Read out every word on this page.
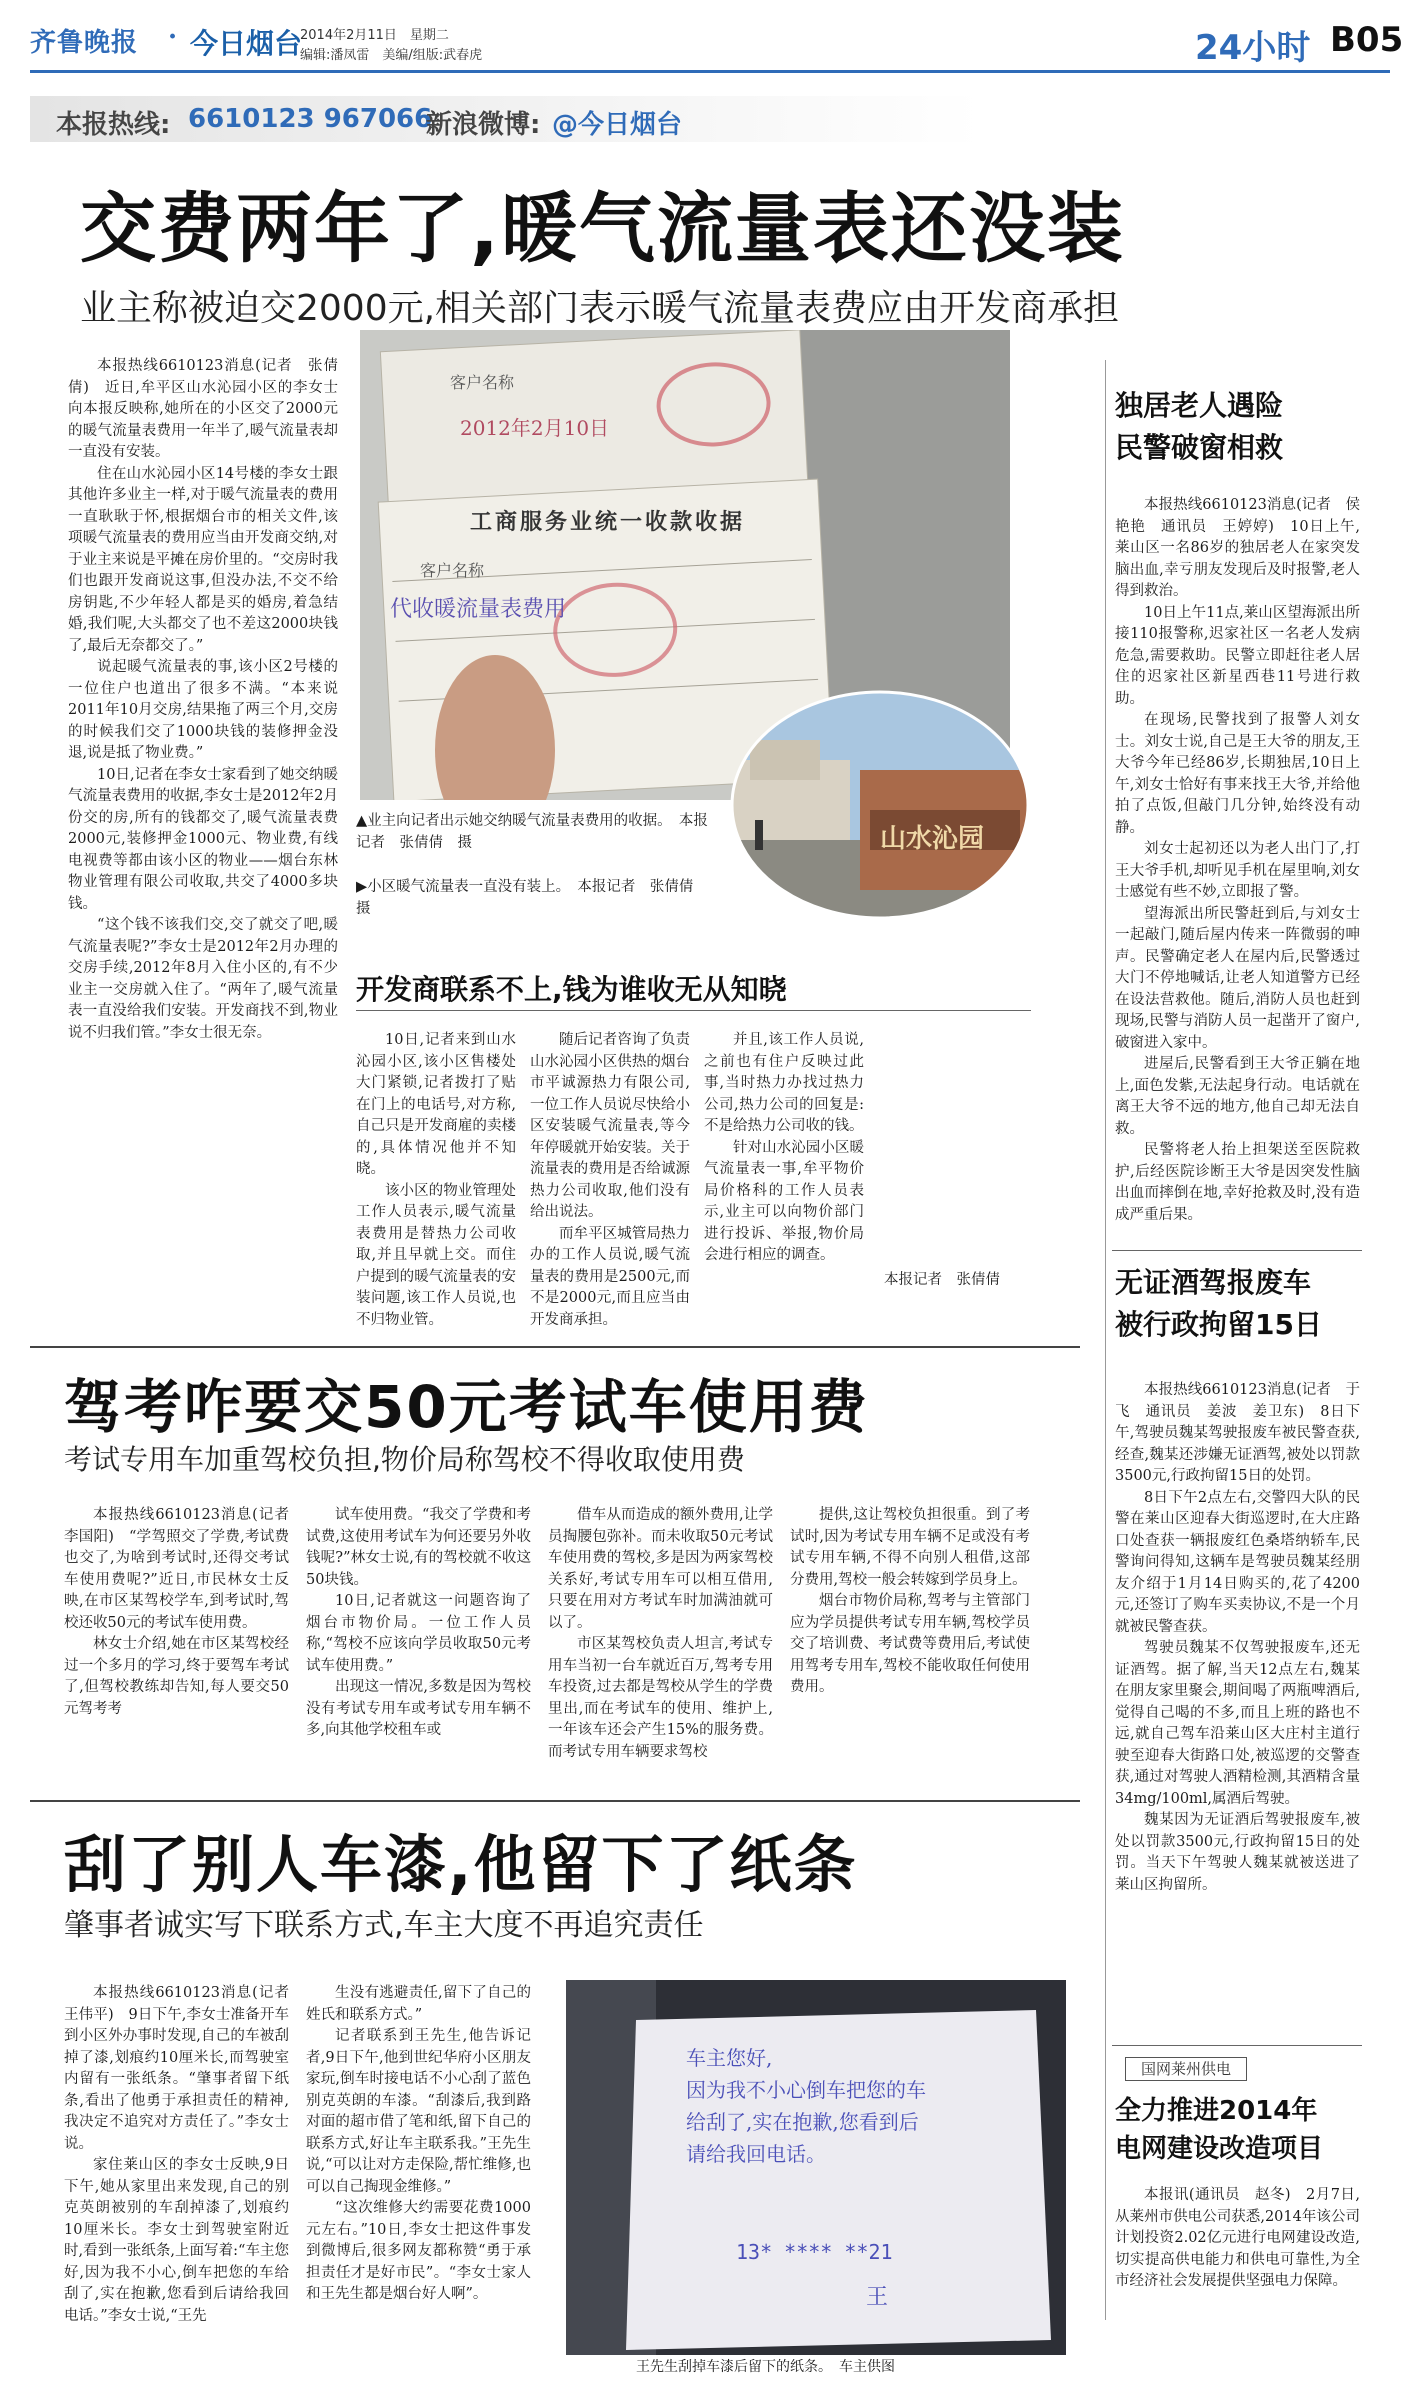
齐鲁晚报 · 今日烟台
2014年2月11日　星期二
编辑:潘凤雷　美编/组版:武春虎	24小时 B05
本报热线: 6610123 967066
新浪微博: @今日烟台
交费两年了,暖气流量表还没装
业主称被迫交2000元,相关部门表示暖气流量表费应由开发商承担

本报热线6610123消息(记者　张倩倩)　近日,牟平区山水沁园小区的李女士向本报反映称,她所在的小区交了2000元的暖气流量表费用一年半了,暖气流量表却一直没有安装。

住在山水沁园小区14号楼的李女士跟其他许多业主一样,对于暖气流量表的费用一直耿耿于怀,根据烟台市的相关文件,该项暖气流量表的费用应当由开发商交纳,对于业主来说是平摊在房价里的。“交房时我们也跟开发商说这事,但没办法,不交不给房钥匙,不少年轻人都是买的婚房,着急结婚,我们呢,大头都交了也不差这2000块钱了,最后无奈都交了。”

说起暖气流量表的事,该小区2号楼的一位住户也道出了很多不满。“本来说2011年10月交房,结果拖了两三个月,交房的时候我们交了1000块钱的装修押金没退,说是抵了物业费。”

10日,记者在李女士家看到了她交纳暖气流量表费用的收据,李女士是2012年2月份交的房,所有的钱都交了,暖气流量表费2000元,装修押金1000元、物业费,有线电视费等都由该小区的物业——烟台东林物业管理有限公司收取,共交了4000多块钱。

“这个钱不该我们交,交了就交了吧,暖气流量表呢?”李女士是2012年2月办理的交房手续,2012年8月入住小区的,有不少业主一交房就入住了。“两年了,暖气流量表一直没给我们安装。开发商找不到,物业说不归我们管。”李女士很无奈。

客户名称
2012年2月10日
工商服务业统一收款收据
客户名称
代收暖流量表费用
山水沁园
▲业主向记者出示她交纳暖气流量表费用的收据。　本报记者　张倩倩　摄
▶小区暖气流量表一直没有装上。　本报记者　张倩倩　摄
开发商联系不上,钱为谁收无从知晓

10日,记者来到山水沁园小区,该小区售楼处大门紧锁,记者拨打了贴在门上的电话号,对方称,自己只是开发商雇的卖楼的,具体情况他并不知晓。

该小区的物业管理处工作人员表示,暖气流量表费用是替热力公司收取,并且早就上交。而住户提到的暖气流量表的安装问题,该工作人员说,也不归物业管。

随后记者咨询了负责山水沁园小区供热的烟台市平诚源热力有限公司,一位工作人员说尽快给小区安装暖气流量表,等今年停暖就开始安装。关于流量表的费用是否给诚源热力公司收取,他们没有给出说法。

而牟平区城管局热力办的工作人员说,暖气流量表的费用是2500元,而不是2000元,而且应当由开发商承担。

并且,该工作人员说,之前也有住户反映过此事,当时热力办找过热力公司,热力公司的回复是:不是给热力公司收的钱。

针对山水沁园小区暖气流量表一事,牟平物价局价格科的工作人员表示,业主可以向物价部门进行投诉、举报,物价局会进行相应的调查。

本报记者　张倩倩
驾考咋要交50元考试车使用费
考试专用车加重驾校负担,物价局称驾校不得收取使用费

本报热线6610123消息(记者　李国阳)　“学驾照交了学费,考试费也交了,为啥到考试时,还得交考试车使用费呢?”近日,市民林女士反映,在市区某驾校学车,到考试时,驾校还收50元的考试车使用费。

林女士介绍,她在市区某驾校经过一个多月的学习,终于要驾车考试了,但驾校教练却告知,每人要交50元驾考考

试车使用费。“我交了学费和考试费,这使用考试车为何还要另外收钱呢?”林女士说,有的驾校就不收这50块钱。

10日,记者就这一问题咨询了烟台市物价局。一位工作人员称,“驾校不应该向学员收取50元考试车使用费。”

出现这一情况,多数是因为驾校没有考试专用车或考试专用车辆不多,向其他学校租车或

借车从而造成的额外费用,让学员掏腰包弥补。而未收取50元考试车使用费的驾校,多是因为两家驾校关系好,考试专用车可以相互借用,只要在用对方考试车时加满油就可以了。

市区某驾校负责人坦言,考试专用车当初一台车就近百万,驾考专用车投资,过去都是驾校从学生的学费里出,而在考试车的使用、维护上,一年该车还会产生15%的服务费。而考试专用车辆要求驾校

提供,这让驾校负担很重。到了考试时,因为考试专用车辆不足或没有考试专用车辆,不得不向别人租借,这部分费用,驾校一般会转嫁到学员身上。

烟台市物价局称,驾考与主管部门应为学员提供考试专用车辆,驾校学员交了培训费、考试费等费用后,考试使用驾考专用车,驾校不能收取任何使用费用。

刮了别人车漆,他留下了纸条
肇事者诚实写下联系方式,车主大度不再追究责任

本报热线6610123消息(记者　王伟平)　9日下午,李女士准备开车到小区外办事时发现,自己的车被刮掉了漆,划痕约10厘米长,而驾驶室内留有一张纸条。“肇事者留下纸条,看出了他勇于承担责任的精神,我决定不追究对方责任了。”李女士说。

家住莱山区的李女士反映,9日下午,她从家里出来发现,自己的别克英朗被别的车刮掉漆了,划痕约10厘米长。李女士到驾驶室附近时,看到一张纸条,上面写着:“车主您好,因为我不小心,倒车把您的车给刮了,实在抱歉,您看到后请给我回电话。”李女士说,“王先

生没有逃避责任,留下了自己的姓氏和联系方式。”

记者联系到王先生,他告诉记者,9日下午,他到世纪华府小区朋友家玩,倒车时接电话不小心刮了蓝色别克英朗的车漆。“刮漆后,我到路对面的超市借了笔和纸,留下自己的联系方式,好让车主联系我。”王先生说,“可以让对方走保险,帮忙维修,也可以自己掏现金维修。”

“这次维修大约需要花费1000元左右。”10日,李女士把这件事发到微博后,很多网友都称赞“勇于承担责任才是好市民”。“李女士家人和王先生都是烟台好人啊”。

车主您好,
因为我不小心倒车把您的车
给刮了,实在抱歉,您看到后
请给我回电话。
13* **** **21
王
王先生刮掉车漆后留下的纸条。　车主供图
独居老人遇险
民警破窗相救

本报热线6610123消息(记者　侯艳艳　通讯员　王婷婷)　10日上午,莱山区一名86岁的独居老人在家突发脑出血,幸亏朋友发现后及时报警,老人得到救治。

10日上午11点,莱山区望海派出所接110报警称,迟家社区一名老人发病危急,需要救助。民警立即赶往老人居住的迟家社区新星西巷11号进行救助。

在现场,民警找到了报警人刘女士。刘女士说,自己是王大爷的朋友,王大爷今年已经86岁,长期独居,10日上午,刘女士恰好有事来找王大爷,并给他拍了点饭,但敲门几分钟,始终没有动静。

刘女士起初还以为老人出门了,打王大爷手机,却听见手机在屋里响,刘女士感觉有些不妙,立即报了警。

望海派出所民警赶到后,与刘女士一起敲门,随后屋内传来一阵微弱的呻声。民警确定老人在屋内后,民警透过大门不停地喊话,让老人知道警方已经在设法营救他。随后,消防人员也赶到现场,民警与消防人员一起凿开了窗户,破窗进入家中。

进屋后,民警看到王大爷正躺在地上,面色发紫,无法起身行动。电话就在离王大爷不远的地方,他自己却无法自救。

民警将老人抬上担架送至医院救护,后经医院诊断王大爷是因突发性脑出血而摔倒在地,幸好抢救及时,没有造成严重后果。

无证酒驾报废车
被行政拘留15日

本报热线6610123消息(记者　于飞　通讯员　姜波　姜卫东)　8日下午,驾驶员魏某驾驶报废车被民警查获,经查,魏某还涉嫌无证酒驾,被处以罚款3500元,行政拘留15日的处罚。

8日下午2点左右,交警四大队的民警在莱山区迎春大街巡逻时,在大庄路口处查获一辆报废红色桑塔纳轿车,民警询问得知,这辆车是驾驶员魏某经朋友介绍于1月14日购买的,花了4200元,还签订了购车买卖协议,不是一个月就被民警查获。

驾驶员魏某不仅驾驶报废车,还无证酒驾。据了解,当天12点左右,魏某在朋友家里聚会,期间喝了两瓶啤酒后,觉得自己喝的不多,而且上班的路也不远,就自己驾车沿莱山区大庄村主道行驶至迎春大街路口处,被巡逻的交警查获,通过对驾驶人酒精检测,其酒精含量34mg/100ml,属酒后驾驶。

魏某因为无证酒后驾驶报废车,被处以罚款3500元,行政拘留15日的处罚。当天下午驾驶人魏某就被送进了莱山区拘留所。

国网莱州供电
全力推进2014年
电网建设改造项目

本报讯(通讯员　赵冬)　2月7日,从莱州市供电公司获悉,2014年该公司计划投资2.02亿元进行电网建设改造,切实提高供电能力和供电可靠性,为全市经济社会发展提供坚强电力保障。
